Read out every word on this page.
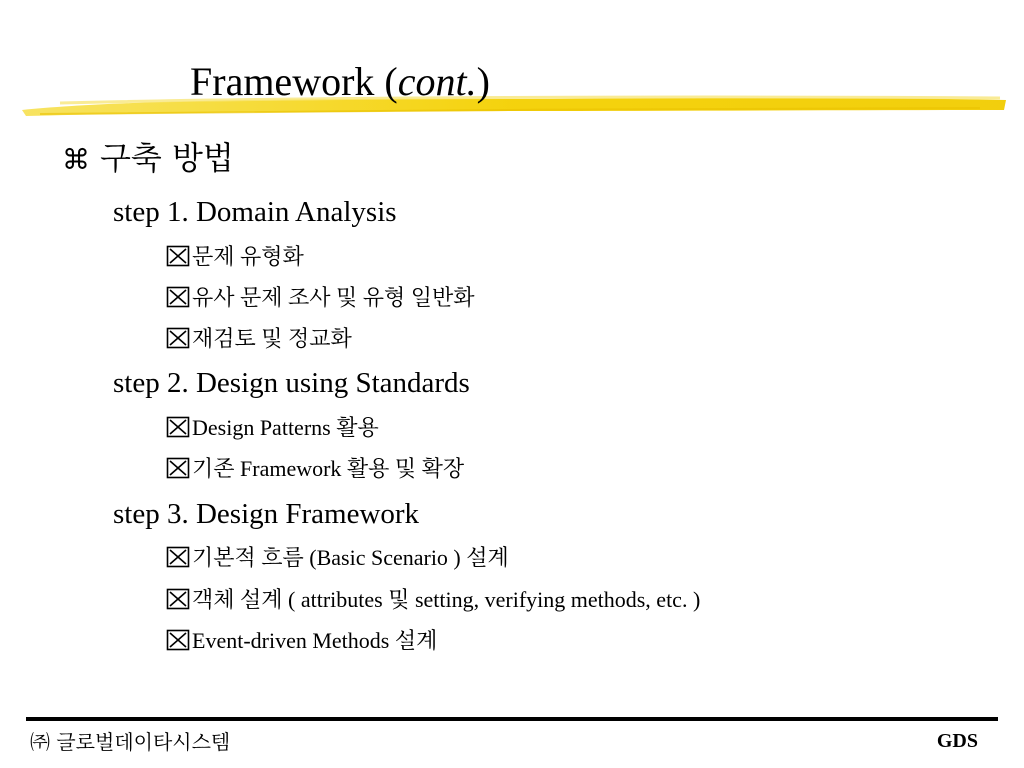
Framework (cont.)
⌘ 구축 방법
step 1. Domain Analysis
문제 유형화
유사 문제 조사 및 유형 일반화
재검토 및 정교화
step 2. Design using Standards
Design Patterns 활용
기존 Framework 활용 및 확장
step 3. Design Framework
기본적 흐름 (Basic Scenario ) 설계
객체 설계 ( attributes 및 setting, verifying methods, etc. )
Event-driven Methods 설계
㈜ 글로벌데이타시스템	GDS
